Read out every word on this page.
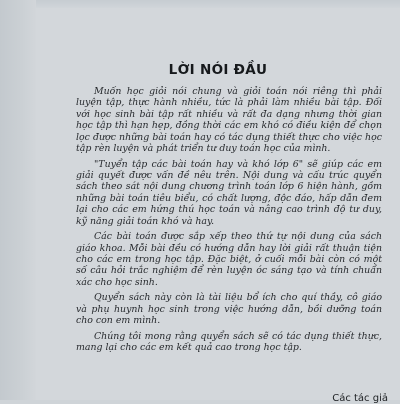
LỜI NÓI ĐẦU

Muốn học giỏi nói chung và giỏi toán nói riêng thì phải luyện tập, thực hành nhiều, tức là phải làm nhiều bài tập. Đối với học sinh bài tập rất nhiều và rất đa dạng nhưng thời gian học tập thì hạn hẹp, đồng thời các em khó có điều kiện để chọn lọc được những bài toán hay có tác dụng thiết thực cho việc học tập rèn luyện và phát triển tư duy toán học của mình.

"Tuyển tập các bài toán hay và khó lớp 6" sẽ giúp các em giải quyết được vấn đề nêu trên. Nội dung và cấu trúc quyển sách theo sát nội dung chương trình toán lớp 6 hiện hành, gồm những bài toán tiêu biểu, có chất lượng, độc đáo, hấp dẫn đem lại cho các em hứng thú học toán và nâng cao trình độ tư duy, kỹ năng giải toán khó và hay.

Các bài toán được sắp xếp theo thứ tự nội dung của sách giáo khoa. Mỗi bài đều có hướng dẫn hay lời giải rất thuận tiện cho các em trong học tập. Đặc biệt, ở cuối mỗi bài còn có một số câu hỏi trắc nghiệm để rèn luyện óc sáng tạo và tính chuẩn xác cho học sinh.

Quyển sách này còn là tài liệu bổ ích cho quí thầy, cô giáo và phụ huynh học sinh trong việc hướng dẫn, bồi dưỡng toán cho con em mình.

Chúng tôi mong rằng quyển sách sẽ có tác dụng thiết thực, mang lại cho các em kết quả cao trong học tập.

Các tác giả
